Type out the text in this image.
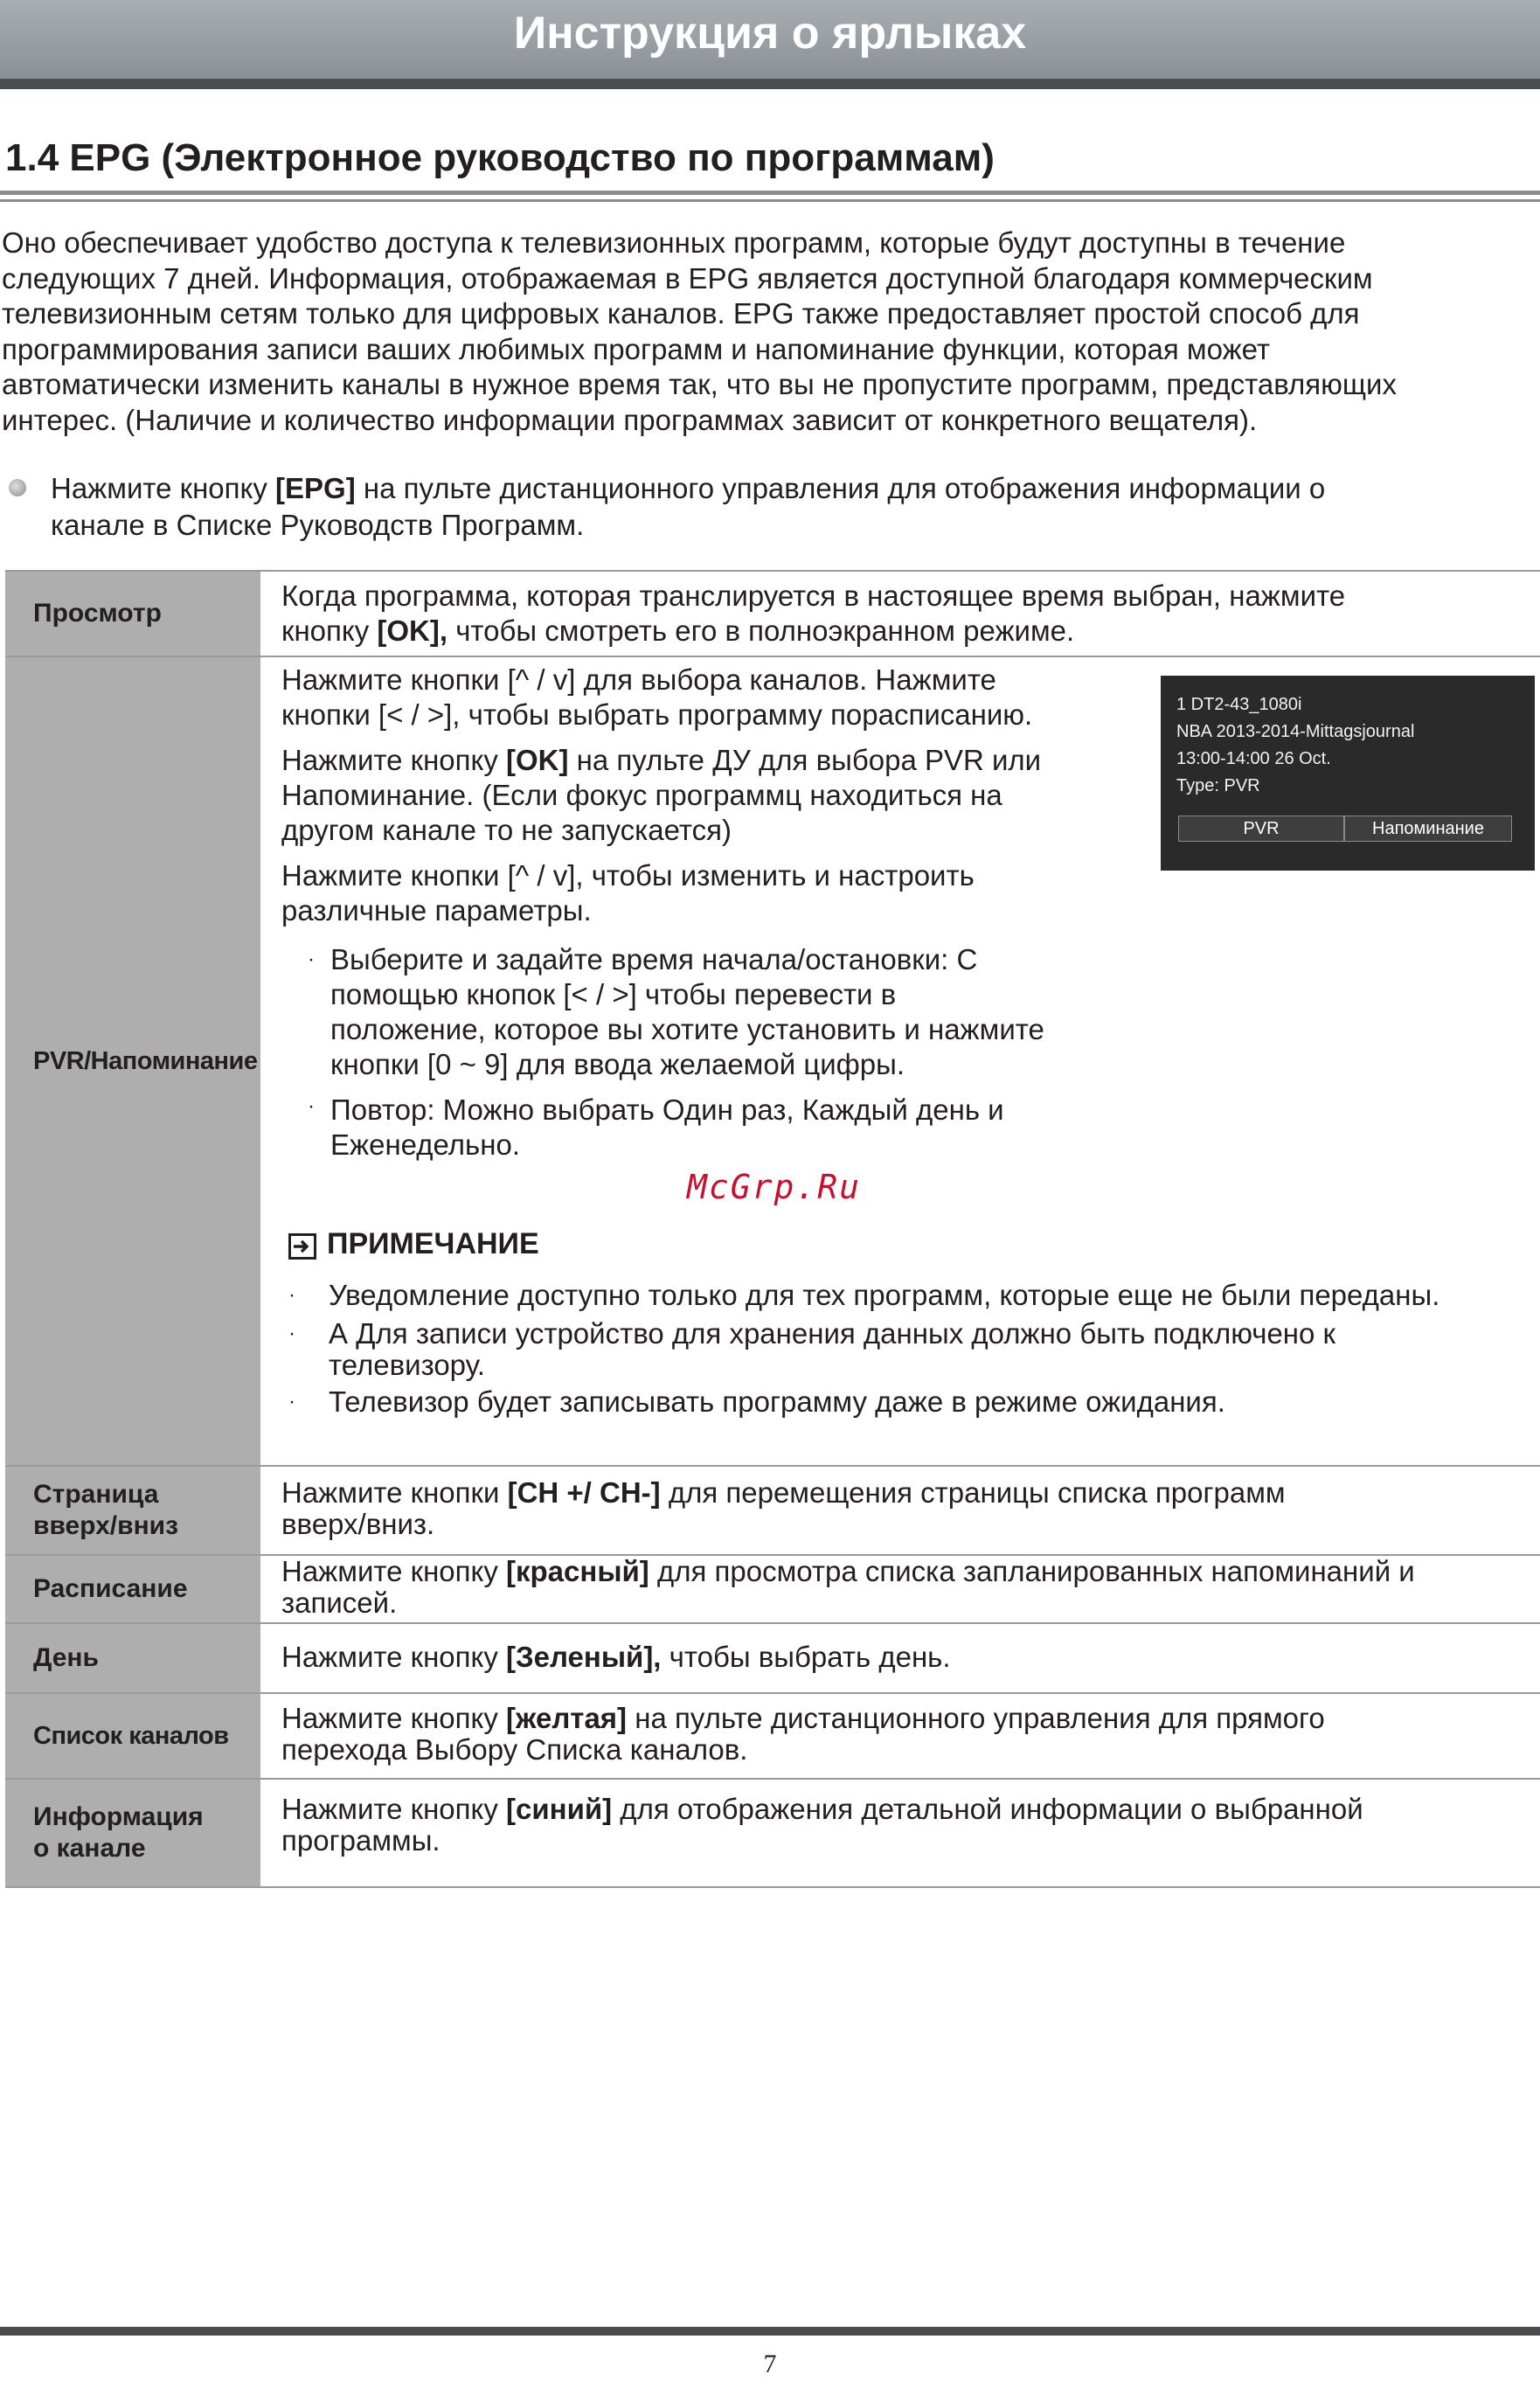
Инструкция о ярлыках
1.4 EPG (Электронное руководство по программам)
Оно обеспечивает удобство доступа к телевизионных программ, которые будут доступны в течение
следующих 7 дней. Информация, отображаемая в EPG является доступной благодаря коммерческим
телевизионным сетям только для цифровых каналов. EPG также предоставляет простой способ для
программирования записи ваших любимых программ и напоминание функции, которая может
автоматически изменить каналы в нужное время так, что вы не пропустите программ, представляющих
интерес. (Наличие и количество информации программах зависит от конкретного вещателя).
Нажмите кнопку [EPG] на пульте дистанционного управления для отображения информации о
канале в Списке Руководств Программ.
Просмотр
Когда программа, которая транслируется в настоящее время выбран, нажмите
кнопку [OK], чтобы смотреть его в полноэкранном режиме.
PVR/Напоминание
Страница
вверх/вниз
Нажмите кнопки [CH +/ CH-] для перемещения страницы списка программ
вверх/вниз.
Расписание
Нажмите кнопку [красный] для просмотра списка запланированных напоминаний и
записей.
День	Нажмите кнопку [Зеленый], чтобы выбрать день.
Список каналов
Нажмите кнопку [желтая] на пульте дистанционного управления для прямого
перехода Выбору Списка каналов.
Информация
о канале
Нажмите кнопку [синий] для отображения детальной информации о выбранной
программы.
Нажмите кнопки [^ / v] для выбора каналов. Нажмите
кнопки [< / >], чтобы выбрать программу порасписанию.
Нажмите кнопку [OK] на пульте ДУ для выбора PVR или
Напоминание. (Если фокус программц находиться на
другом канале то не запускается)
Нажмите кнопки [^ / v], чтобы изменить и настроить
различные параметры.
· Выберите и задайте время начала/остановки: С
помощью кнопок [< / >] чтобы перевести в
положение, которое вы хотите установить и нажмите
кнопки [0 ~ 9] для ввода желаемой цифры.
· Повтор: Можно выбрать Один раз, Каждый день и
Еженедельно.
McGrp.Ru
ПРИМЕЧАНИЕ
· Уведомление доступно только для тех программ, которые еще не были переданы.
· А Для записи устройство для хранения данных должно быть подключено к
телевизору.
· Телевизор будет записывать программу даже в режиме ожидания.
1 DT2-43_1080i
NBA 2013-2014-Mittagsjournal
13:00-14:00 26 Oct.
Type: PVR
PVR	Напоминание
7
